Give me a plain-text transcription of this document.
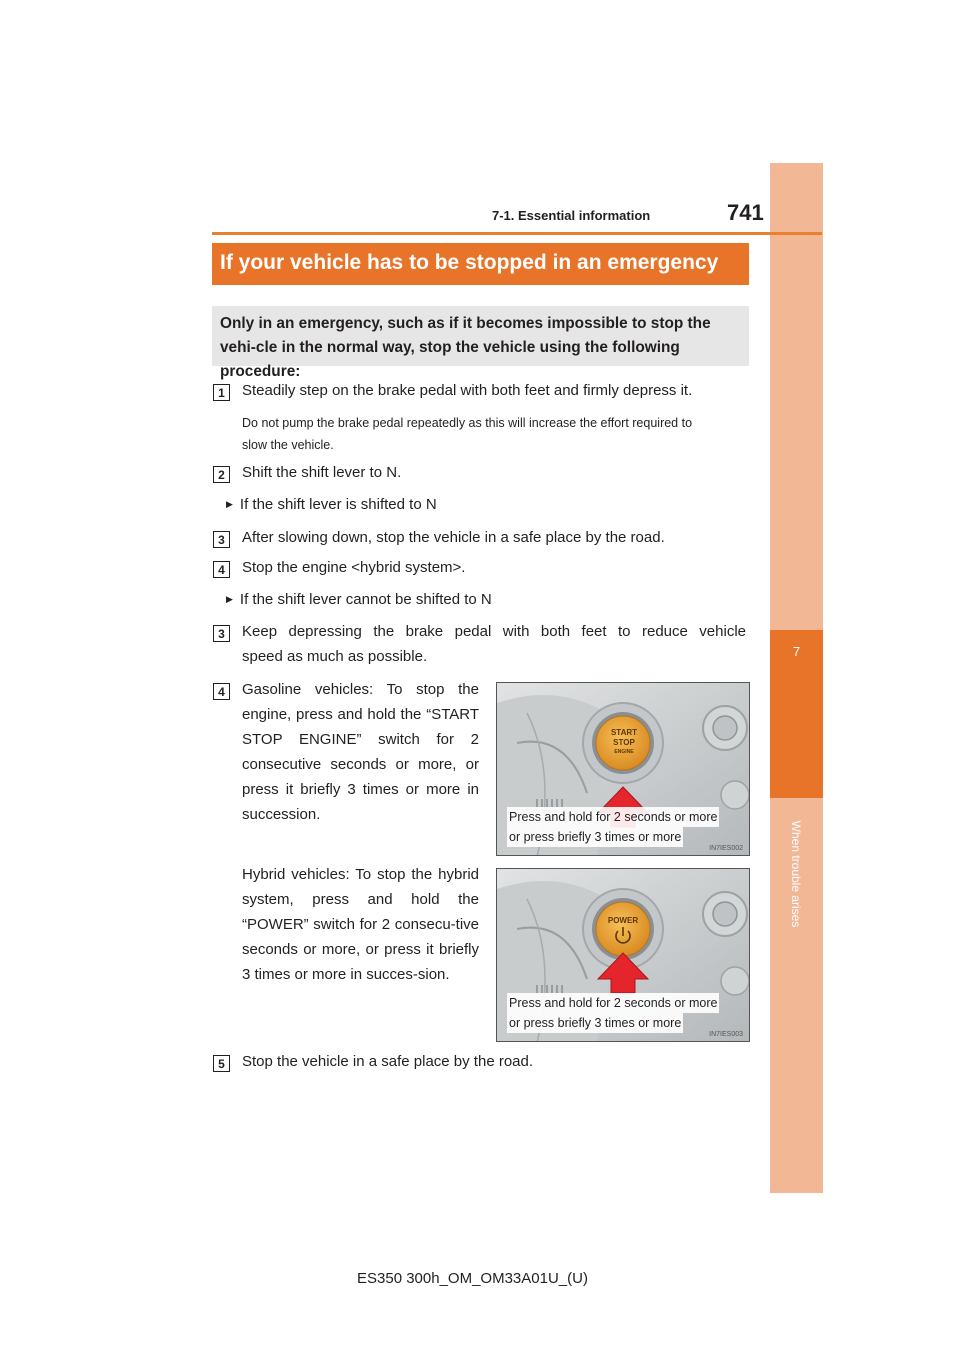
7
When trouble arises
7-1. Essential information	741
If your vehicle has to be stopped in an emergency

Only in an emergency, such as if it becomes impossible to stop the vehi-cle in the normal way, stop the vehicle using the following procedure:

1	Steadily step on the brake pedal with both feet and firmly depress it.
Do not pump the brake pedal repeatedly as this will increase the effort required to
slow the vehicle.
2	Shift the shift lever to N.
▶ If the shift lever is shifted to N
3	After slowing down, stop the vehicle in a safe place by the road.
4	Stop the engine <hybrid system>.
▶ If the shift lever cannot be shifted to N
3	Keep depressing the brake pedal with both feet to reduce vehicle
speed as much as possible.
4	Gasoline vehicles: To stop the engine, press and hold the “START STOP ENGINE” switch for 2 consecutive seconds or more, or press it briefly 3 times or more in succession.
Hybrid vehicles: To stop the hybrid system, press and hold the “POWER” switch for 2 consecu-tive seconds or more, or press it briefly 3 times or more in succes-sion.
START
STOP
ENGINE
Press and hold for 2 seconds or more
or press briefly 3 times or more
IN7IES002
POWER
Press and hold for 2 seconds or more
or press briefly 3 times or more
IN7IES003
5	Stop the vehicle in a safe place by the road.
ES350 300h_OM_OM33A01U_(U)
